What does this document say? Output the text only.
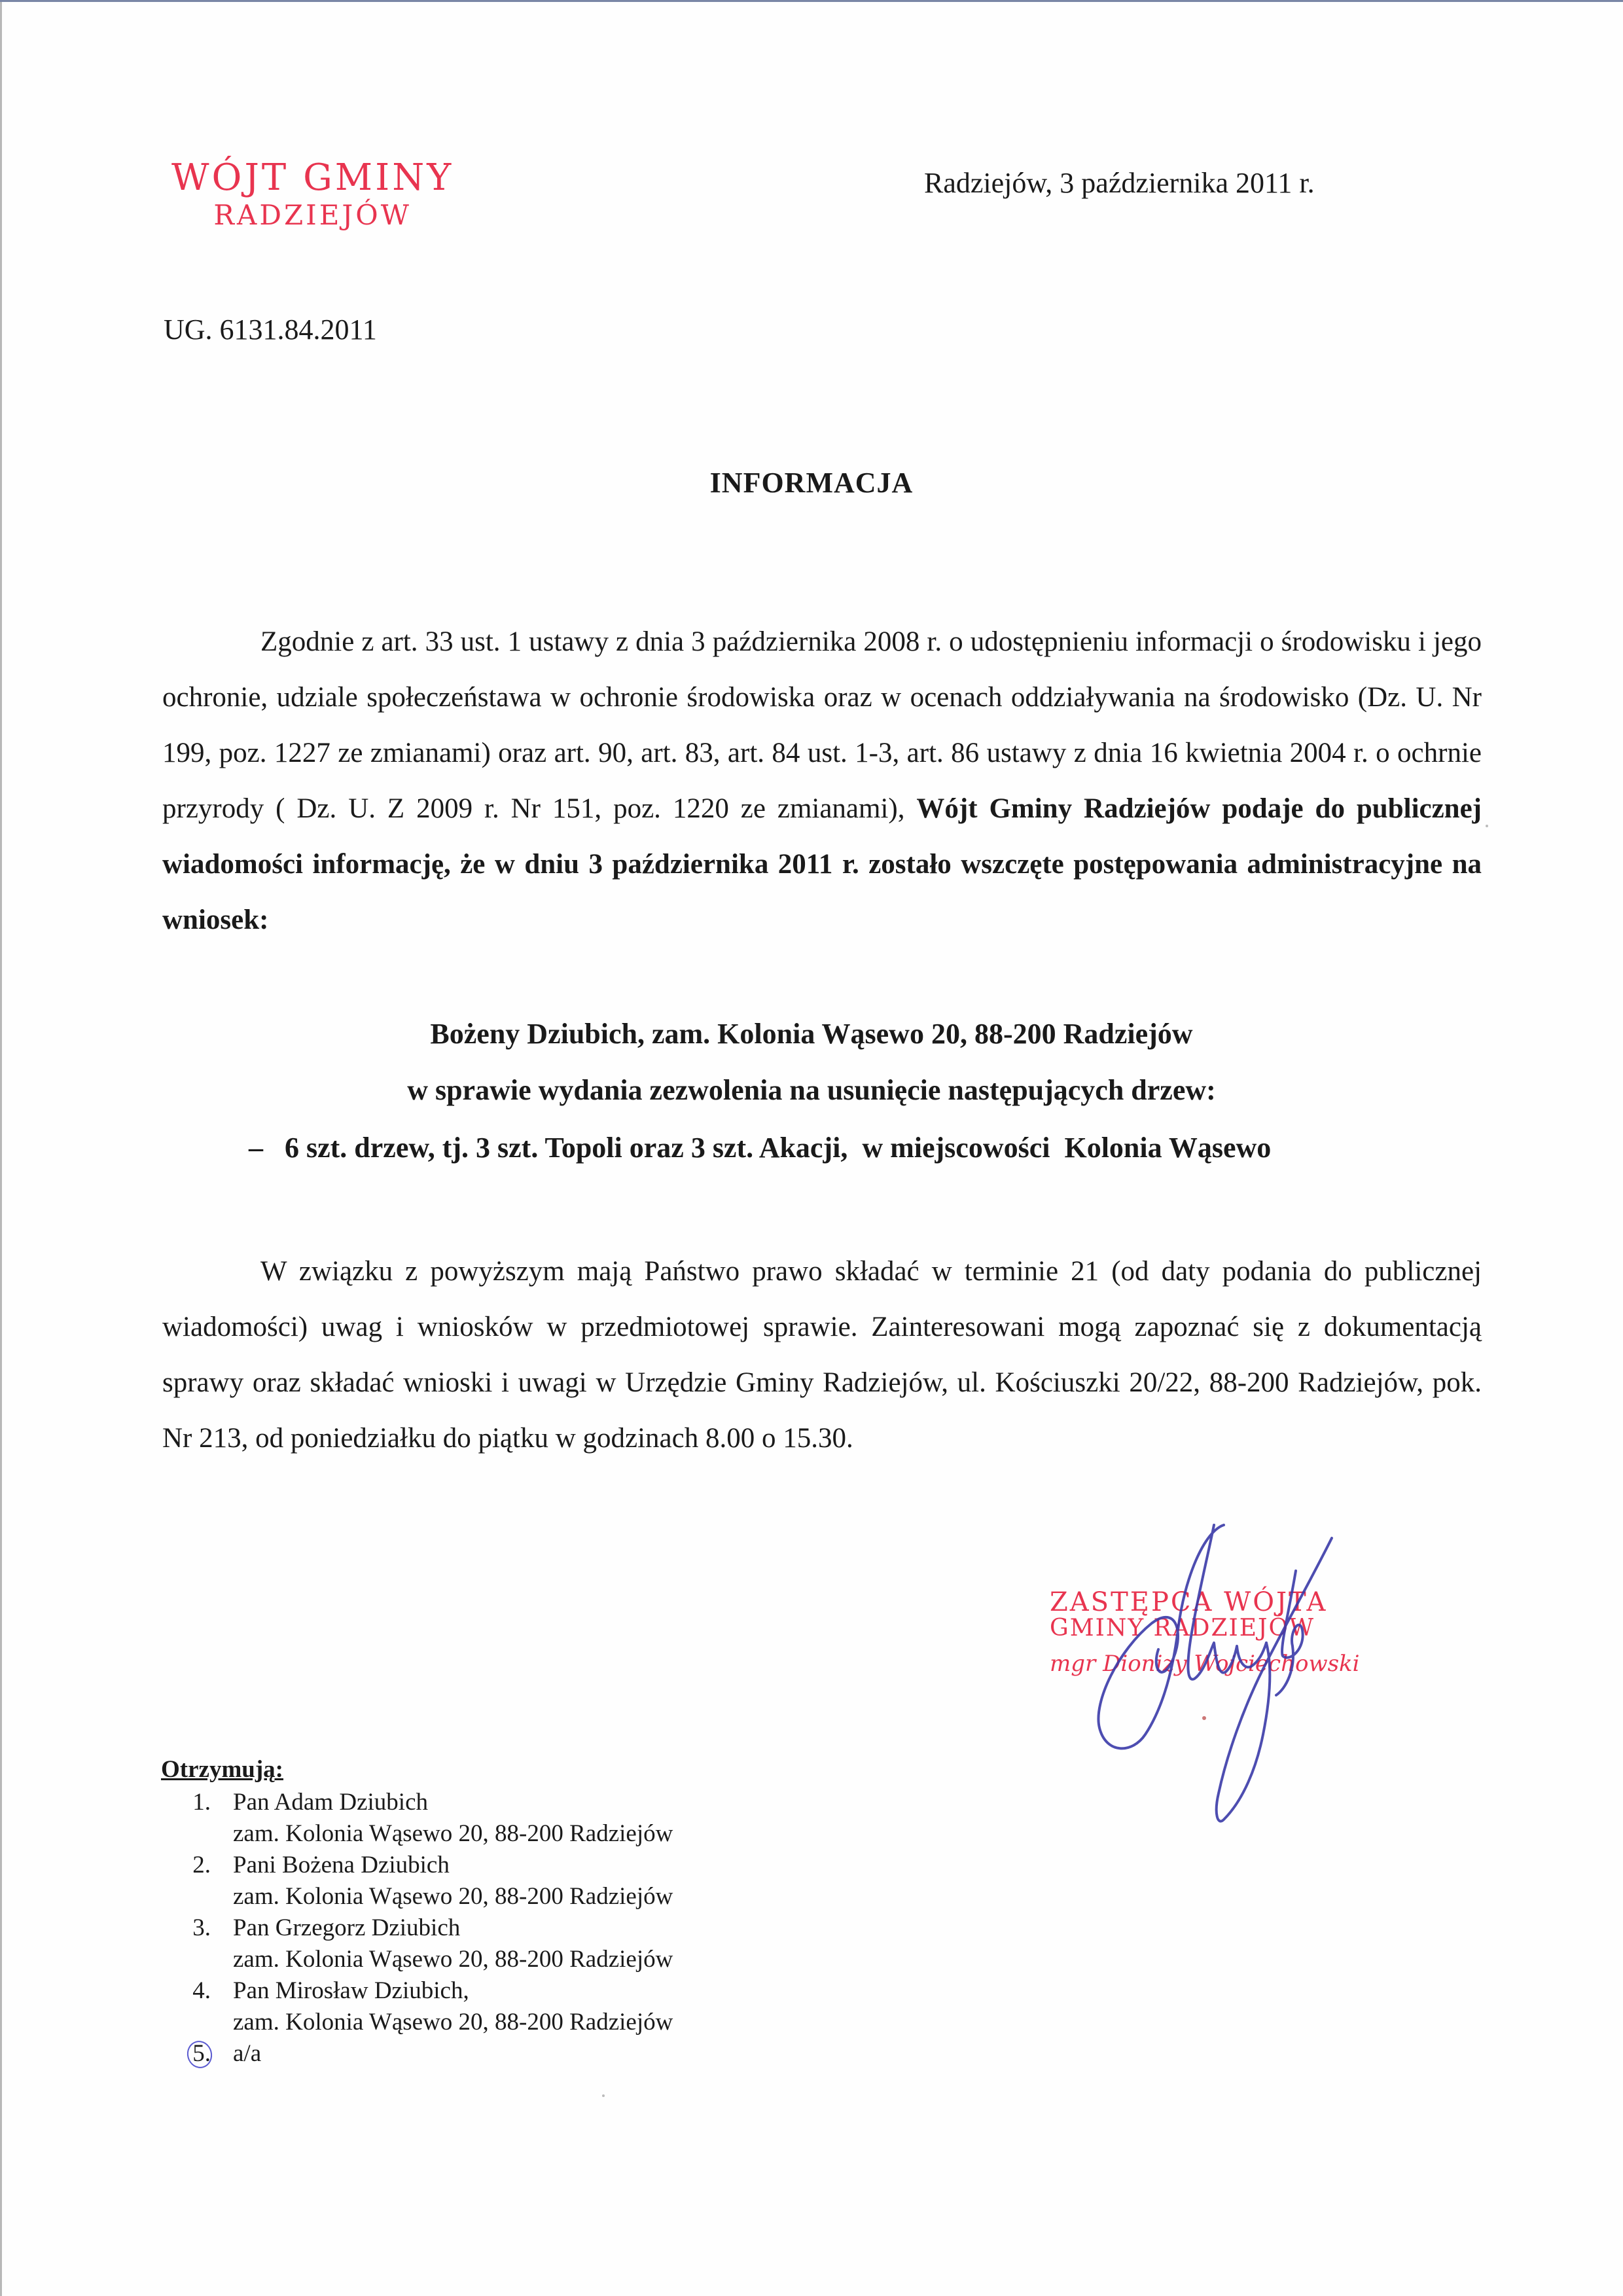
WÓJT GMINY
RADZIEJÓW
Radziejów, 3 października 2011 r.
UG. 6131.84.2011
INFORMACJA
Zgodnie z art. 33 ust. 1 ustawy z dnia 3 października 2008 r. o udostępnieniu informacji o środowisku i jego ochronie, udziale społeczeństawa w ochronie środowiska oraz w ocenach oddziaływania na środowisko (Dz. U. Nr 199, poz. 1227 ze zmianami) oraz art. 90, art. 83, art. 84 ust. 1-3, art. 86 ustawy z dnia 16 kwietnia 2004 r. o ochrnie przyrody ( Dz. U. Z 2009 r. Nr 151, poz. 1220 ze zmianami), Wójt Gminy Radziejów podaje do publicznej wiadomości informację, że w dniu 3 października 2011 r. zostało wszczęte postępowania administracyjne na wniosek:
Bożeny Dziubich, zam. Kolonia Wąsewo 20, 88-200 Radziejów
w sprawie wydania zezwolenia na usunięcie następujących drzew:
–   6 szt. drzew, tj. 3 szt. Topoli oraz 3 szt. Akacji,  w miejscowości  Kolonia Wąsewo
W związku z powyższym mają Państwo prawo składać w terminie 21 (od daty podania do publicznej wiadomości) uwag i wniosków w przedmiotowej sprawie. Zainteresowani mogą zapoznać się z dokumentacją sprawy oraz składać wnioski i uwagi w Urzędzie Gminy Radziejów, ul. Kościuszki 20/22, 88-200 Radziejów, pok. Nr 213, od poniedziałku do piątku w godzinach 8.00 o 15.30.
ZASTĘPCA WÓJTA
GMINY RADZIEJÓW
mgr Dionizy Wojciechowski
Otrzymują:
1. Pan Adam Dziubich
zam. Kolonia Wąsewo 20, 88-200 Radziejów
2. Pani Bożena Dziubich
zam. Kolonia Wąsewo 20, 88-200 Radziejów
3. Pan Grzegorz Dziubich
zam. Kolonia Wąsewo 20, 88-200 Radziejów
4. Pan Mirosław Dziubich,
zam. Kolonia Wąsewo 20, 88-200 Radziejów
5. a/a
